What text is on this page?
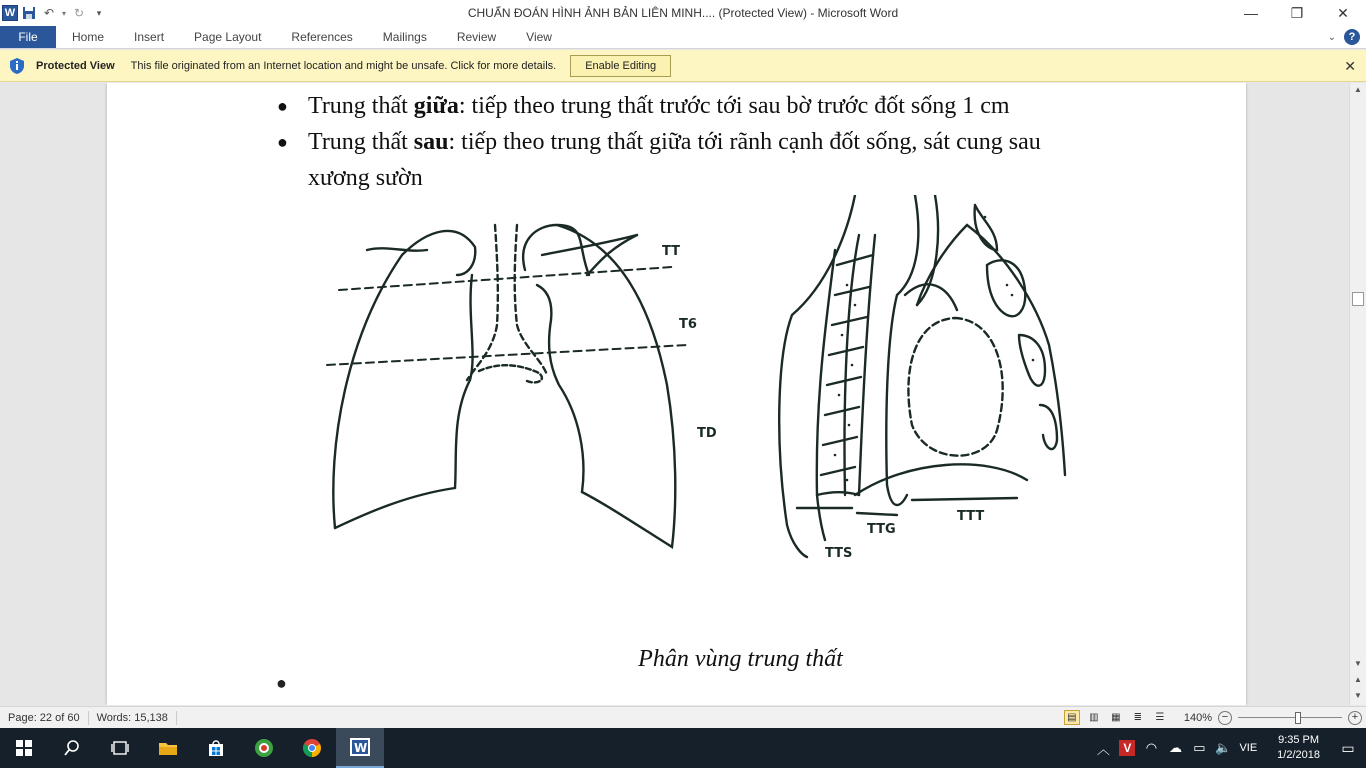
W	↶ ▾ ↻	▾	CHUẨN ĐOÁN HÌNH ẢNH BẢN LIÊN MINH.... (Protected View) - Microsoft Word	—	❐	✕
File	Home	Insert	Page Layout	References	Mailings	Review	View	⌄	?
Protected View This file originated from an Internet location and might be unsafe. Click for more details.	Enable Editing	✕
● Trung thất giữa: tiếp theo trung thất trước tới sau bờ trước đốt sống 1 cm
● Trung thất sau: tiếp theo trung thất giữa tới rãnh cạnh đốt sống, sát cung sau
xương sườn
TT
T6
TD
TTS
TTG
TTT
Phân vùng trung thất
●
▲
▼
▲
▼
Page: 22 of 60	Words: 15,138	▤	▥	▦	≣	☰	140% −	+
W	︿	V	◠ ☁ ▭ 🔈 VIE
9:35 PM
1/2/2018	▭
